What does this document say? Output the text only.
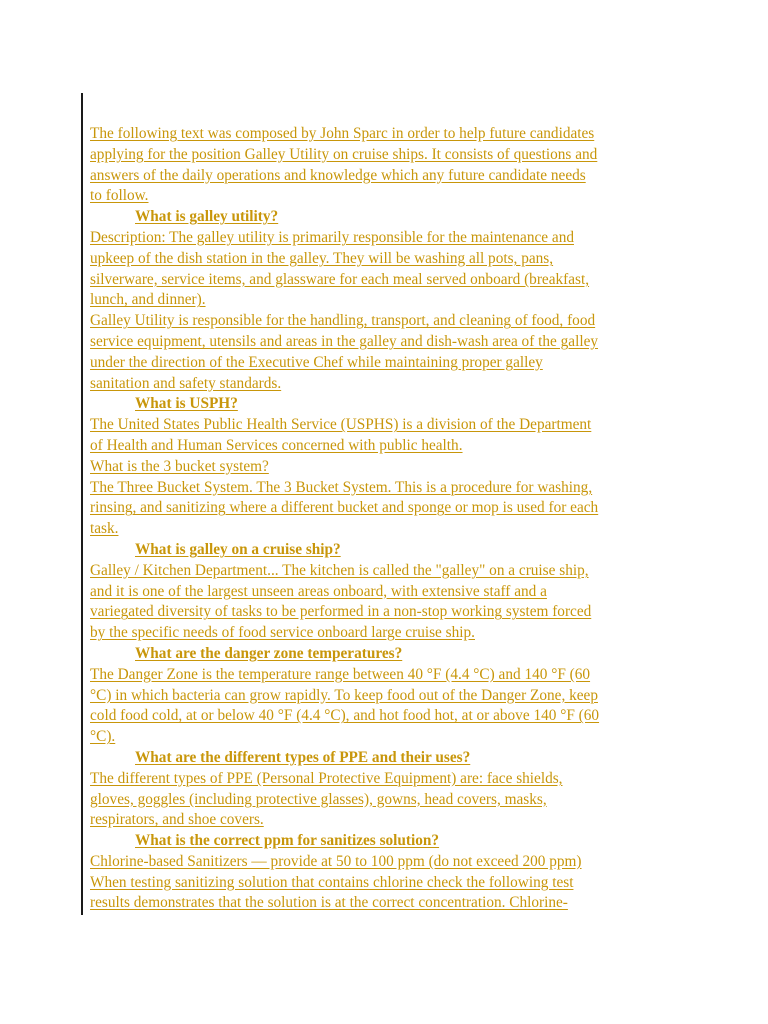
The following text was composed by John Sparc in order to help future candidates
applying for the position Galley Utility on cruise ships. It consists of questions and
answers of the daily operations and knowledge which any future candidate needs
to follow.
What is galley utility?
Description: The galley utility is primarily responsible for the maintenance and
upkeep of the dish station in the galley. They will be washing all pots, pans,
silverware, service items, and glassware for each meal served onboard (breakfast,
lunch, and dinner).
Galley Utility is responsible for the handling, transport, and cleaning of food, food
service equipment, utensils and areas in the galley and dish-wash area of the galley
under the direction of the Executive Chef while maintaining proper galley
sanitation and safety standards.
What is USPH?
The United States Public Health Service (USPHS) is a division of the Department
of Health and Human Services concerned with public health.
What is the 3 bucket system?
The Three Bucket System. The 3 Bucket System. This is a procedure for washing,
rinsing, and sanitizing where a different bucket and sponge or mop is used for each
task.
What is galley on a cruise ship?
Galley / Kitchen Department... The kitchen is called the "galley" on a cruise ship,
and it is one of the largest unseen areas onboard, with extensive staff and a
variegated diversity of tasks to be performed in a non-stop working system forced
by the specific needs of food service onboard large cruise ship.
What are the danger zone temperatures?
The Danger Zone is the temperature range between 40 °F (4.4 °C) and 140 °F (60
°C) in which bacteria can grow rapidly. To keep food out of the Danger Zone, keep
cold food cold, at or below 40 °F (4.4 °C), and hot food hot, at or above 140 °F (60
°C).
What are the different types of PPE and their uses?
The different types of PPE (Personal Protective Equipment) are: face shields,
gloves, goggles (including protective glasses), gowns, head covers, masks,
respirators, and shoe covers.
What is the correct ppm for sanitizes solution?
Chlorine-based Sanitizers — provide at 50 to 100 ppm (do not exceed 200 ppm)
When testing sanitizing solution that contains chlorine check the following test
results demonstrates that the solution is at the correct concentration. Chlorine-
